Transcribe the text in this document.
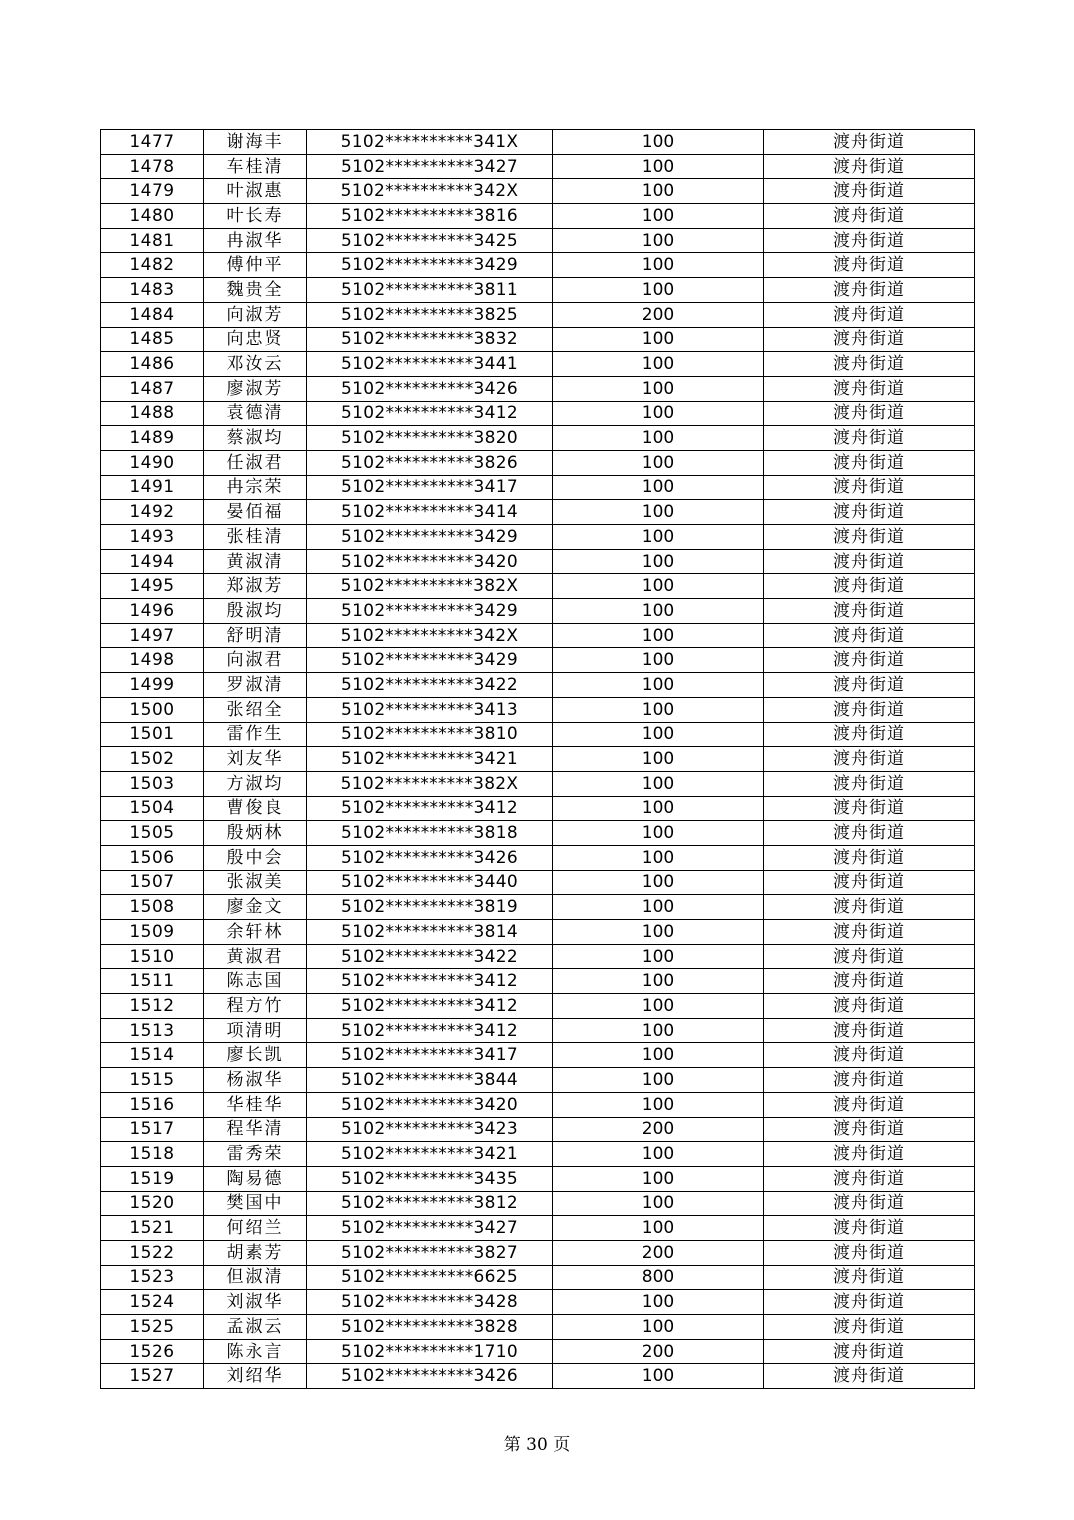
1477	谢海丰	5102**********341X	100	渡舟街道
1478	车桂清	5102**********3427	100	渡舟街道
1479	叶淑惠	5102**********342X	100	渡舟街道
1480	叶长寿	5102**********3816	100	渡舟街道
1481	冉淑华	5102**********3425	100	渡舟街道
1482	傅仲平	5102**********3429	100	渡舟街道
1483	魏贵全	5102**********3811	100	渡舟街道
1484	向淑芳	5102**********3825	200	渡舟街道
1485	向忠贤	5102**********3832	100	渡舟街道
1486	邓汝云	5102**********3441	100	渡舟街道
1487	廖淑芳	5102**********3426	100	渡舟街道
1488	袁德清	5102**********3412	100	渡舟街道
1489	蔡淑均	5102**********3820	100	渡舟街道
1490	任淑君	5102**********3826	100	渡舟街道
1491	冉宗荣	5102**********3417	100	渡舟街道
1492	晏佰福	5102**********3414	100	渡舟街道
1493	张桂清	5102**********3429	100	渡舟街道
1494	黄淑清	5102**********3420	100	渡舟街道
1495	郑淑芳	5102**********382X	100	渡舟街道
1496	殷淑均	5102**********3429	100	渡舟街道
1497	舒明清	5102**********342X	100	渡舟街道
1498	向淑君	5102**********3429	100	渡舟街道
1499	罗淑清	5102**********3422	100	渡舟街道
1500	张绍全	5102**********3413	100	渡舟街道
1501	雷作生	5102**********3810	100	渡舟街道
1502	刘友华	5102**********3421	100	渡舟街道
1503	方淑均	5102**********382X	100	渡舟街道
1504	曹俊良	5102**********3412	100	渡舟街道
1505	殷炳林	5102**********3818	100	渡舟街道
1506	殷中会	5102**********3426	100	渡舟街道
1507	张淑美	5102**********3440	100	渡舟街道
1508	廖金文	5102**********3819	100	渡舟街道
1509	余轩林	5102**********3814	100	渡舟街道
1510	黄淑君	5102**********3422	100	渡舟街道
1511	陈志国	5102**********3412	100	渡舟街道
1512	程方竹	5102**********3412	100	渡舟街道
1513	项清明	5102**********3412	100	渡舟街道
1514	廖长凯	5102**********3417	100	渡舟街道
1515	杨淑华	5102**********3844	100	渡舟街道
1516	华桂华	5102**********3420	100	渡舟街道
1517	程华清	5102**********3423	200	渡舟街道
1518	雷秀荣	5102**********3421	100	渡舟街道
1519	陶易德	5102**********3435	100	渡舟街道
1520	樊国中	5102**********3812	100	渡舟街道
1521	何绍兰	5102**********3427	100	渡舟街道
1522	胡素芳	5102**********3827	200	渡舟街道
1523	但淑清	5102**********6625	800	渡舟街道
1524	刘淑华	5102**********3428	100	渡舟街道
1525	孟淑云	5102**********3828	100	渡舟街道
1526	陈永言	5102**********1710	200	渡舟街道
1527	刘绍华	5102**********3426	100	渡舟街道
第 30 页
